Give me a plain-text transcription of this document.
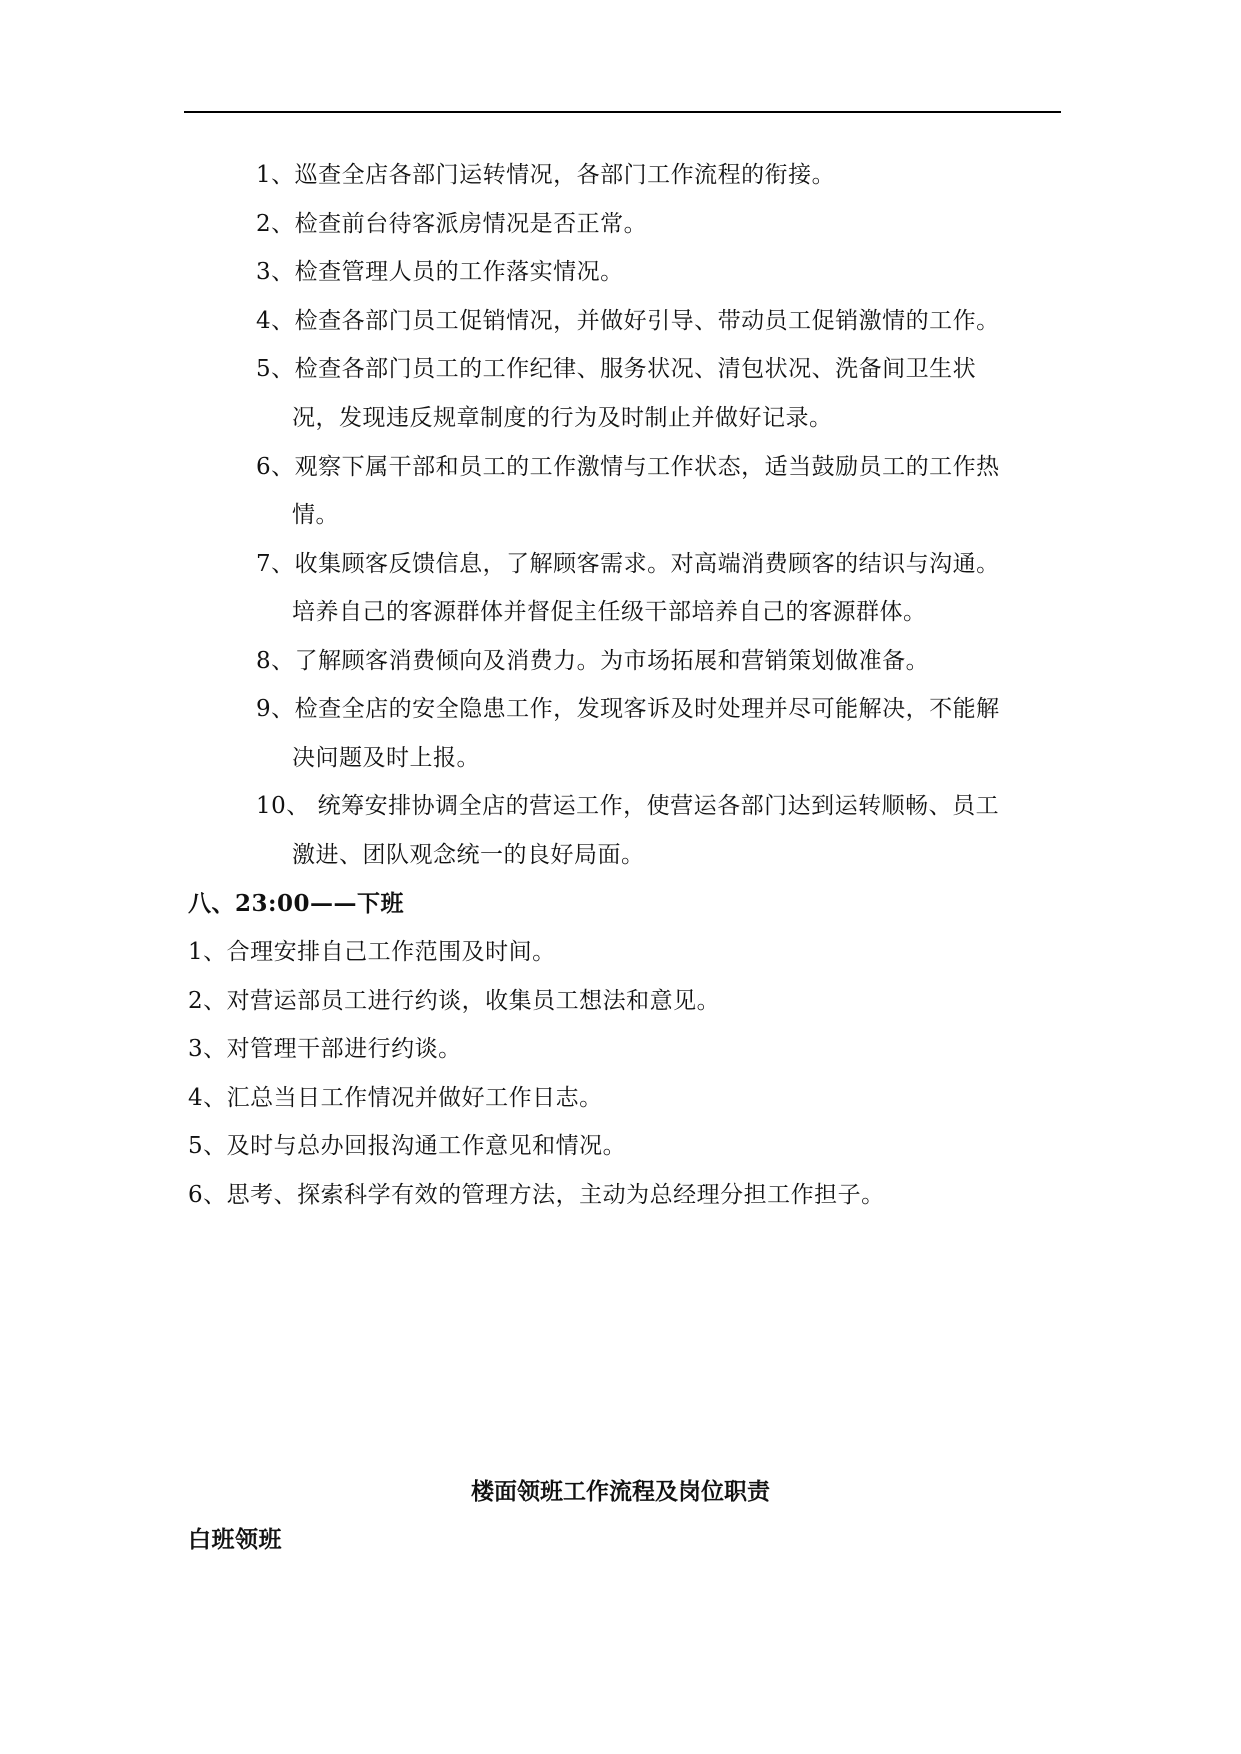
1、巡查全店各部门运转情况，各部门工作流程的衔接。
2、检查前台待客派房情况是否正常。
3、检查管理人员的工作落实情况。
4、检查各部门员工促销情况，并做好引导、带动员工促销激情的工作。
5、检查各部门员工的工作纪律、服务状况、清包状况、洗备间卫生状
况，发现违反规章制度的行为及时制止并做好记录。
6、观察下属干部和员工的工作激情与工作状态，适当鼓励员工的工作热
情。
7、收集顾客反馈信息，了解顾客需求。对高端消费顾客的结识与沟通。
培养自己的客源群体并督促主任级干部培养自己的客源群体。
8、了解顾客消费倾向及消费力。为市场拓展和营销策划做准备。
9、检查全店的安全隐患工作，发现客诉及时处理并尽可能解决，不能解
决问题及时上报。
10、 统筹安排协调全店的营运工作，使营运各部门达到运转顺畅、员工
激进、团队观念统一的良好局面。
八、23:00——下班
1、合理安排自己工作范围及时间。
2、对营运部员工进行约谈，收集员工想法和意见。
3、对管理干部进行约谈。
4、汇总当日工作情况并做好工作日志。
5、及时与总办回报沟通工作意见和情况。
6、思考、探索科学有效的管理方法，主动为总经理分担工作担子。
楼面领班工作流程及岗位职责
白班领班
